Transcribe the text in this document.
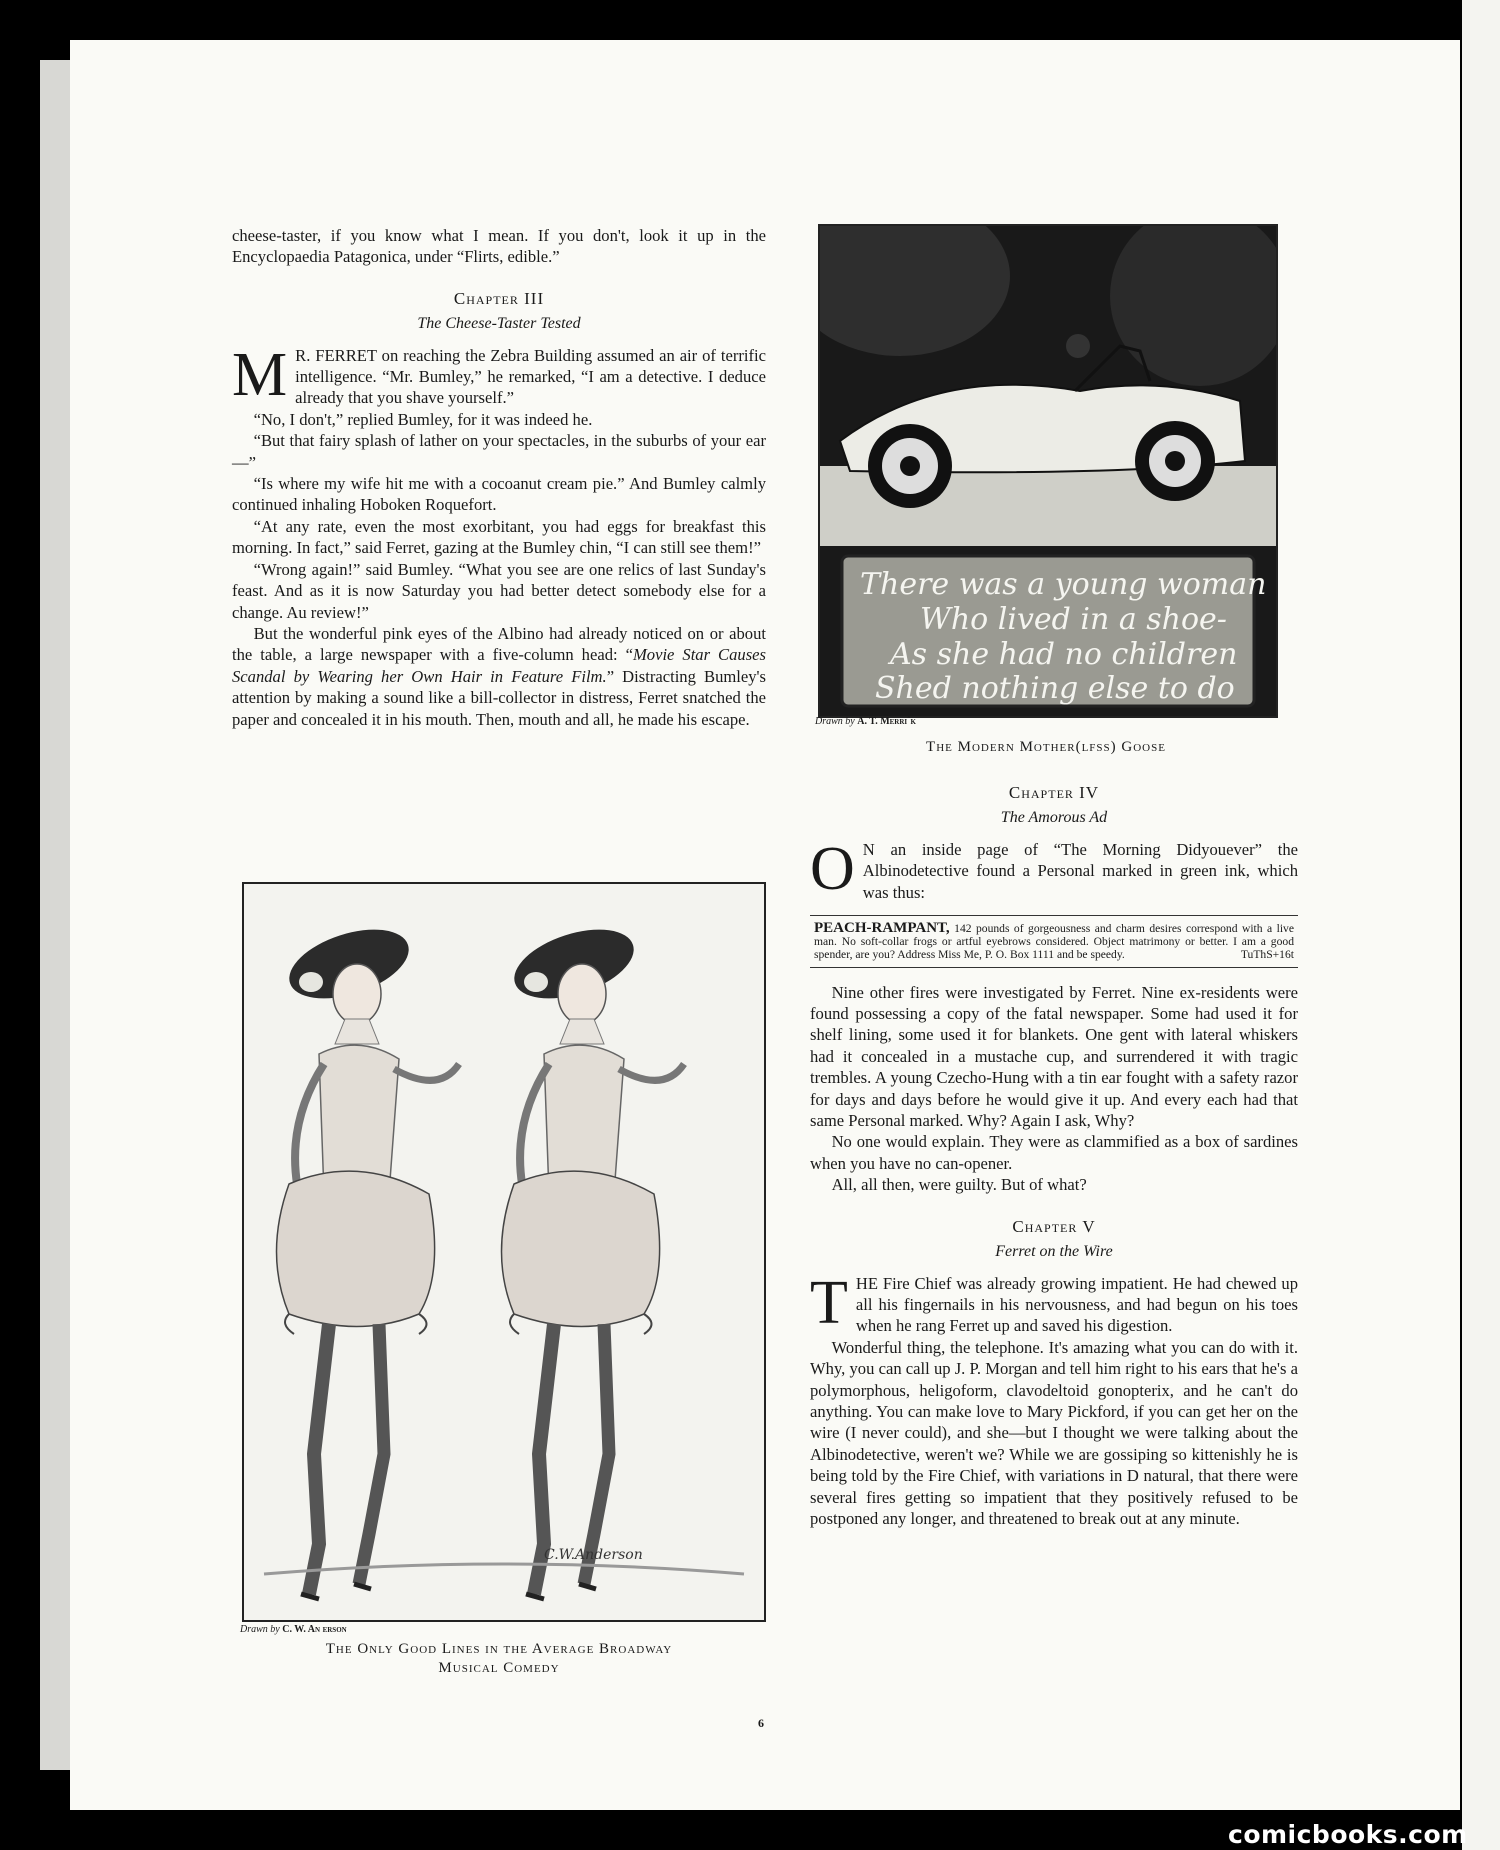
cheese-taster, if you know what I mean. If you don't, look it up in the Encyclopaedia Patagonica, under “Flirts, edible.”

Chapter III
The Cheese-Taster Tested

M R. FERRET on reaching the Zebra Building assumed an air of terrific intelligence. “Mr. Bumley,” he remarked, “I am a detective. I deduce already that you shave yourself.”

“No, I don't,” replied Bumley, for it was indeed he.

“But that fairy splash of lather on your spectacles, in the suburbs of your ear—”

“Is where my wife hit me with a cocoanut cream pie.” And Bumley calmly continued inhaling Hoboken Roquefort.

“At any rate, even the most exorbitant, you had eggs for breakfast this morning. In fact,” said Ferret, gazing at the Bumley chin, “I can still see them!”

“Wrong again!” said Bumley. “What you see are one relics of last Sunday's feast. And as it is now Saturday you had better detect somebody else for a change. Au review!”

But the wonderful pink eyes of the Albino had already noticed on or about the table, a large newspaper with a five-column head: “Movie Star Causes Scandal by Wearing her Own Hair in Feature Film.” Distracting Bumley's attention by making a sound like a bill-collector in distress, Ferret snatched the paper and concealed it in his mouth. Then, mouth and all, he made his escape.

C.W.Anderson
Drawn by C. W. An erson
The Only Good Lines in the Average Broadway
Musical Comedy
There was a young woman
Who lived in a shoe-
As she had no children
Shed nothing else to do
Drawn by A. T. Merriˆk
The Modern Mother(lfss) Goose
Chapter IV
The Amorous Ad

O N an inside page of “The Morning Didyouever” the Albinodetective found a Personal marked in green ink, which was thus:

PEACH-RAMPANT, 142 pounds of gorgeousness and charm desires correspond with a live man. No soft-collar frogs or artful eyebrows considered. Object matrimony or better. I am a good spender, are you? Address Miss Me, P. O. Box 1111 and be speedy.	TuThS+16t

Nine other fires were investigated by Ferret. Nine ex-residents were found possessing a copy of the fatal newspaper. Some had used it for shelf lining, some used it for blankets. One gent with lateral whiskers had it concealed in a mustache cup, and surrendered it with tragic trembles. A young Czecho-Hung with a tin ear fought with a safety razor for days and days before he would give it up. And every each had that same Personal marked. Why? Again I ask, Why?

No one would explain. They were as clammified as a box of sardines when you have no can-opener.

All, all then, were guilty. But of what?

Chapter V
Ferret on the Wire

THE Fire Chief was already growing impatient. He had chewed up all his fingernails in his nervousness, and had begun on his toes when he rang Ferret up and saved his digestion.

Wonderful thing, the telephone. It's amazing what you can do with it. Why, you can call up J. P. Morgan and tell him right to his ears that he's a polymorphous, heligoform, clavodeltoid gonopterix, and he can't do anything. You can make love to Mary Pickford, if you can get her on the wire (I never could), and she—but I thought we were talking about the Albinodetective, weren't we? While we are gossiping so kittenishly he is being told by the Fire Chief, with variations in D natural, that there were several fires getting so impatient that they positively refused to be postponed any longer, and threatened to break out at any minute.

6
comicbooks.com
